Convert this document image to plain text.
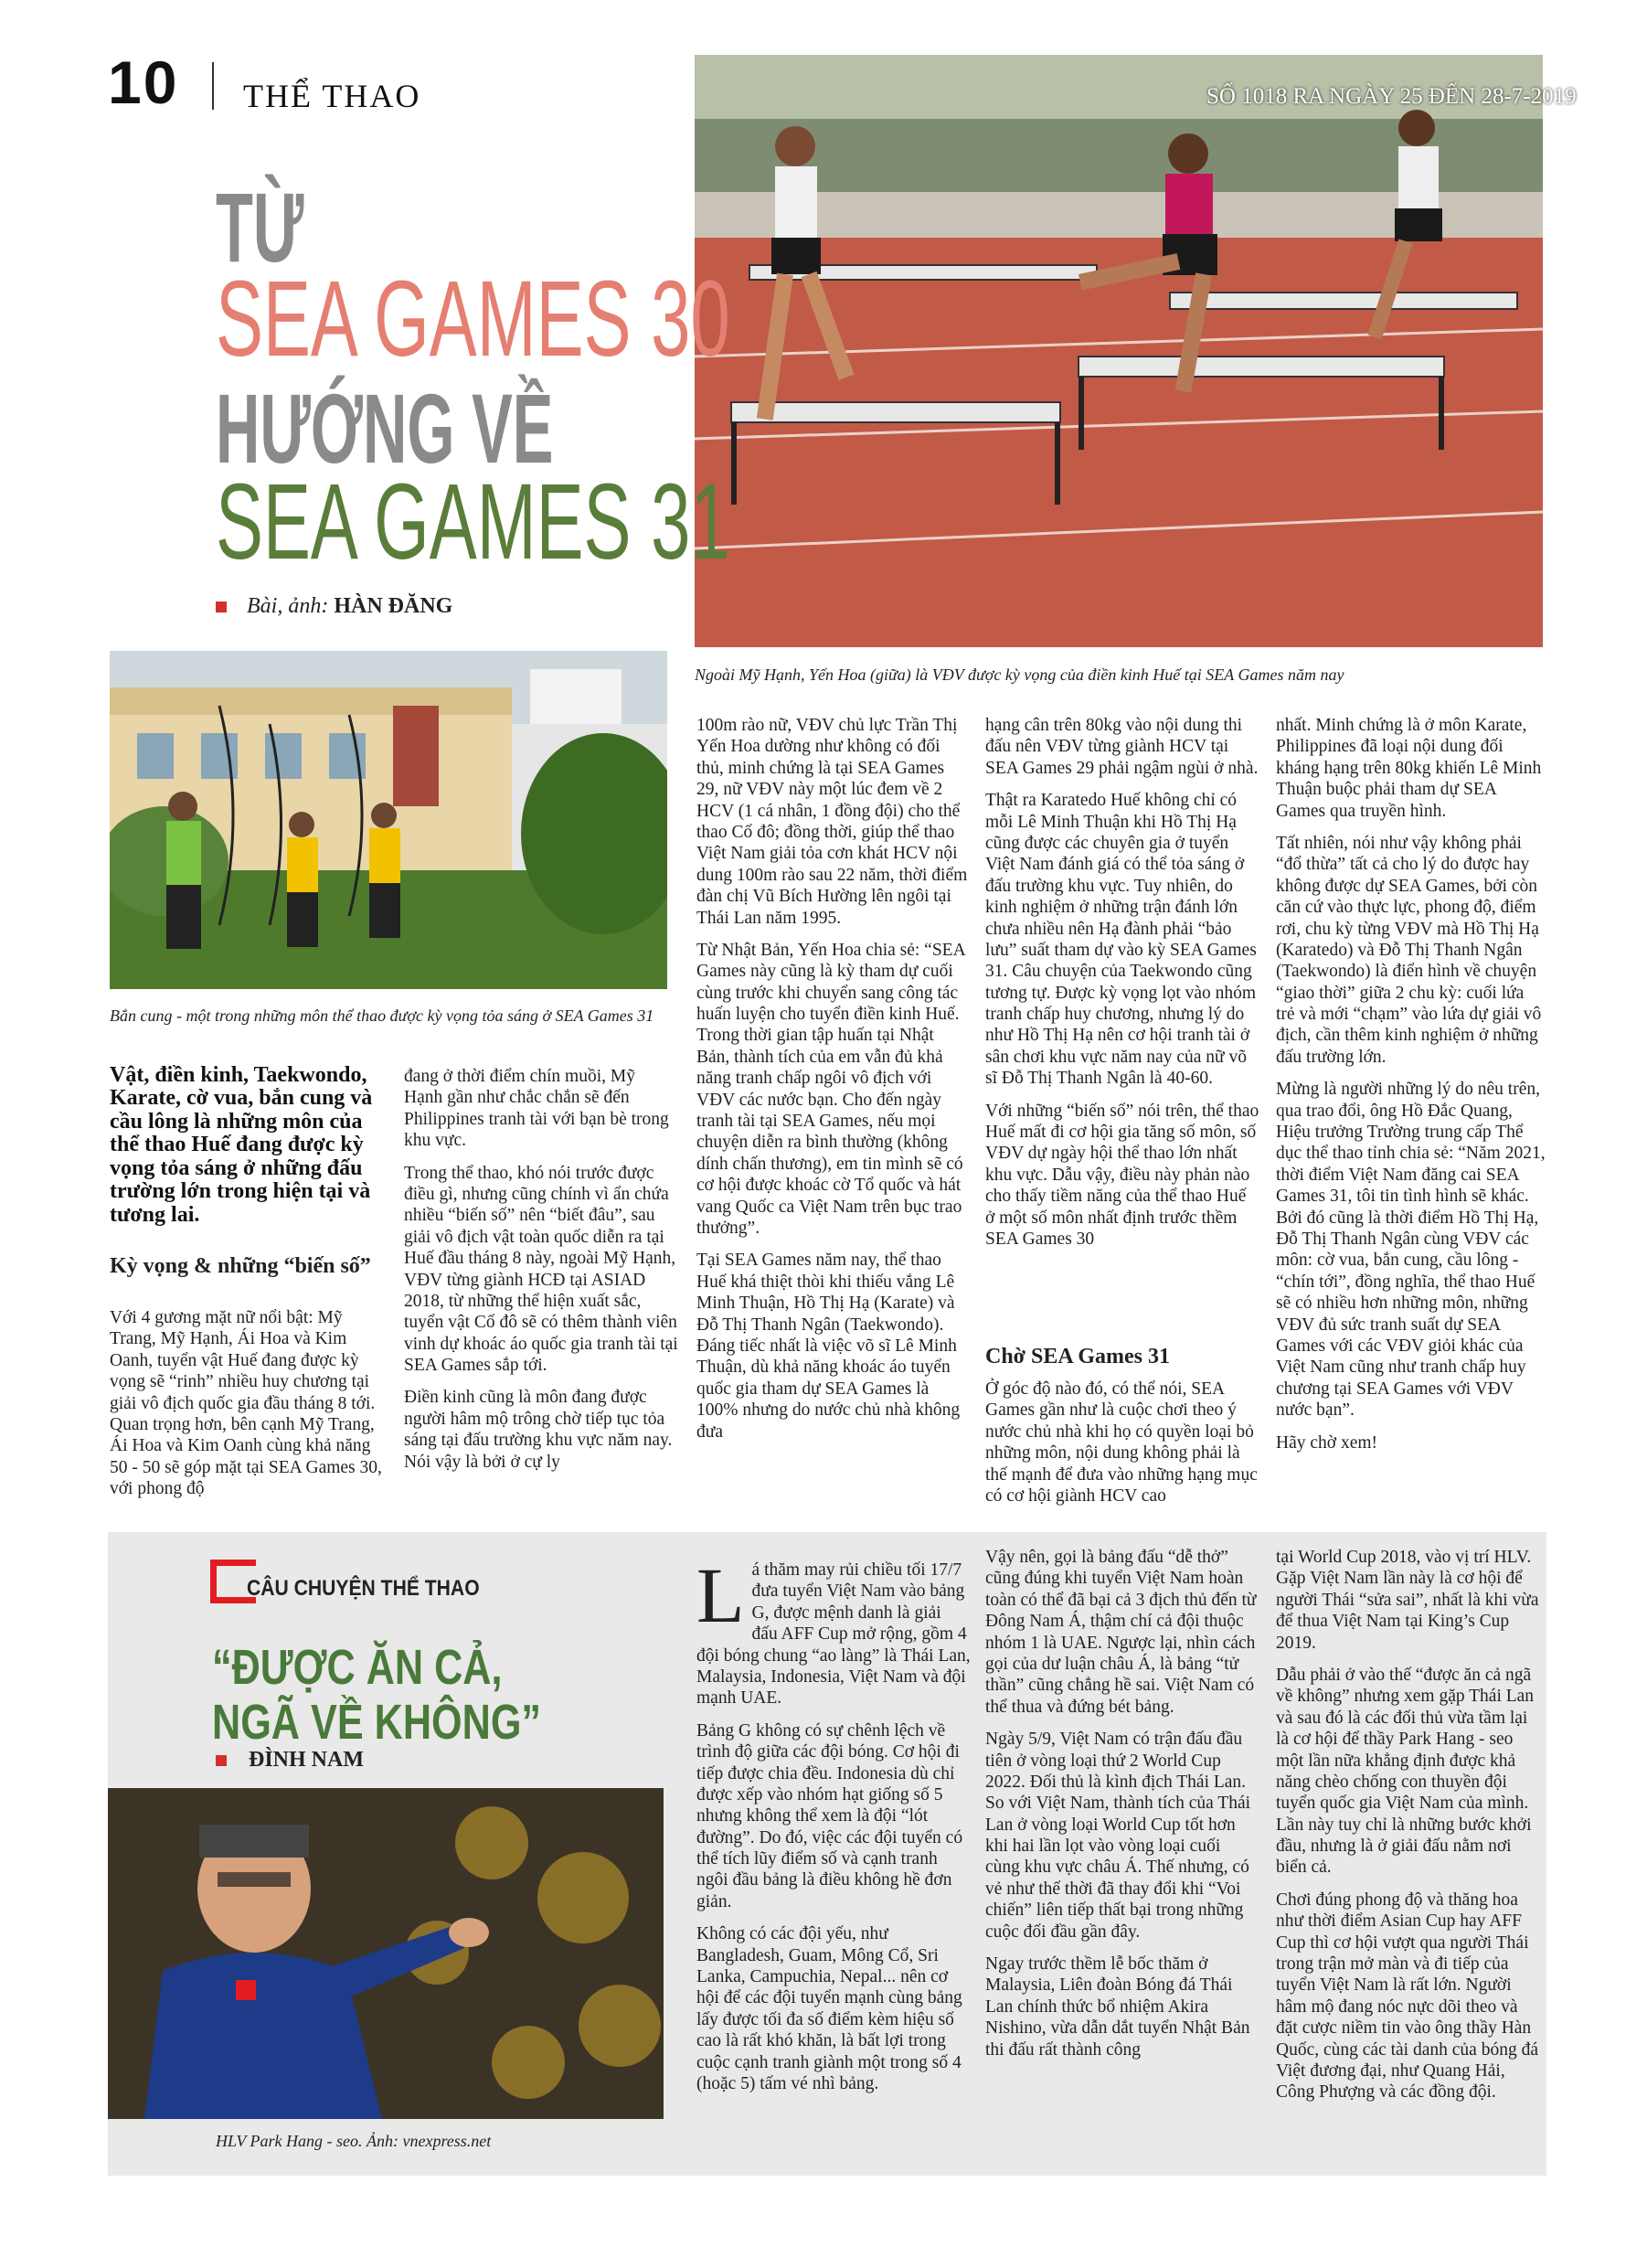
10 THỂ THAO	SỐ 1018 RA NGÀY 25 ĐẾN 28-7-2019
TỪ
SEA GAMES 30
HƯỚNG VỀ
SEA GAMES 31
Bài, ảnh: HÀN ĐĂNG
Ngoài Mỹ Hạnh, Yến Hoa (giữa) là VĐV được kỳ vọng của điền kinh Huế tại SEA Games năm nay
Bắn cung - một trong những môn thể thao được kỳ vọng tỏa sáng ở SEA Games 31
Vật, điền kinh, Taekwondo, Karate, cờ vua, bắn cung và cầu lông là những môn của thể thao Huế đang được kỳ vọng tỏa sáng ở những đấu trường lớn trong hiện tại và tương lai.
Kỳ vọng & những “biến số”

Với 4 gương mặt nữ nổi bật: Mỹ Trang, Mỹ Hạnh, Ái Hoa và Kim Oanh, tuyển vật Huế đang được kỳ vọng sẽ “rinh” nhiều huy chương tại giải vô địch quốc gia đầu tháng 8 tới. Quan trọng hơn, bên cạnh Mỹ Trang, Ái Hoa và Kim Oanh cùng khả năng 50 - 50 sẽ góp mặt tại SEA Games 30, với phong độ

đang ở thời điểm chín muồi, Mỹ Hạnh gần như chắc chắn sẽ đến Philippines tranh tài với bạn bè trong khu vực.

Trong thể thao, khó nói trước được điều gì, nhưng cũng chính vì ẩn chứa nhiều “biến số” nên “biết đâu”, sau giải vô địch vật toàn quốc diễn ra tại Huế đầu tháng 8 này, ngoài Mỹ Hạnh, VĐV từng giành HCĐ tại ASIAD 2018, từ những thể hiện xuất sắc, tuyển vật Cố đô sẽ có thêm thành viên vinh dự khoác áo quốc gia tranh tài tại SEA Games sắp tới.

Điền kinh cũng là môn đang được người hâm mộ trông chờ tiếp tục tỏa sáng tại đấu trường khu vực năm nay. Nói vậy là bởi ở cự ly

100m rào nữ, VĐV chủ lực Trần Thị Yến Hoa dường như không có đối thủ, minh chứng là tại SEA Games 29, nữ VĐV này một lúc đem về 2 HCV (1 cá nhân, 1 đồng đội) cho thể thao Cố đô; đồng thời, giúp thể thao Việt Nam giải tỏa cơn khát HCV nội dung 100m rào sau 22 năm, thời điểm đàn chị Vũ Bích Hường lên ngôi tại Thái Lan năm 1995.

Từ Nhật Bản, Yến Hoa chia sẻ: “SEA Games này cũng là kỳ tham dự cuối cùng trước khi chuyển sang công tác huấn luyện cho tuyển điền kinh Huế. Trong thời gian tập huấn tại Nhật Bản, thành tích của em vẫn đủ khả năng tranh chấp ngôi vô địch với VĐV các nước bạn. Cho đến ngày tranh tài tại SEA Games, nếu mọi chuyện diễn ra bình thường (không dính chấn thương), em tin mình sẽ có cơ hội được khoác cờ Tổ quốc và hát vang Quốc ca Việt Nam trên bục trao thưởng”.

Tại SEA Games năm nay, thể thao Huế khá thiệt thòi khi thiếu vắng Lê Minh Thuận, Hồ Thị Hạ (Karate) và Đỗ Thị Thanh Ngân (Taekwondo). Đáng tiếc nhất là việc võ sĩ Lê Minh Thuận, dù khả năng khoác áo tuyển quốc gia tham dự SEA Games là 100% nhưng do nước chủ nhà không đưa

hạng cân trên 80kg vào nội dung thi đấu nên VĐV từng giành HCV tại SEA Games 29 phải ngậm ngùi ở nhà.

Thật ra Karatedo Huế không chỉ có mỗi Lê Minh Thuận khi Hồ Thị Hạ cũng được các chuyên gia ở tuyển Việt Nam đánh giá có thể tỏa sáng ở đấu trường khu vực. Tuy nhiên, do kinh nghiệm ở những trận đánh lớn chưa nhiều nên Hạ đành phải “bảo lưu” suất tham dự vào kỳ SEA Games 31. Câu chuyện của Taekwondo cũng tương tự. Được kỳ vọng lọt vào nhóm tranh chấp huy chương, nhưng lý do như Hồ Thị Hạ nên cơ hội tranh tài ở sân chơi khu vực năm nay của nữ võ sĩ Đỗ Thị Thanh Ngân là 40-60.

Với những “biến số” nói trên, thể thao Huế mất đi cơ hội gia tăng số môn, số VĐV dự ngày hội thể thao lớn nhất khu vực. Dẫu vậy, điều này phản nào cho thấy tiềm năng của thể thao Huế ở một số môn nhất định trước thềm SEA Games 30

Chờ SEA Games 31

Ở góc độ nào đó, có thể nói, SEA Games gần như là cuộc chơi theo ý nước chủ nhà khi họ có quyền loại bỏ những môn, nội dung không phải là thế mạnh để đưa vào những hạng mục có cơ hội giành HCV cao

nhất. Minh chứng là ở môn Karate, Philippines đã loại nội dung đối kháng hạng trên 80kg khiến Lê Minh Thuận buộc phải tham dự SEA Games qua truyền hình.

Tất nhiên, nói như vậy không phải “đổ thừa” tất cả cho lý do được hay không được dự SEA Games, bởi còn căn cứ vào thực lực, phong độ, điểm rơi, chu kỳ từng VĐV mà Hồ Thị Hạ (Karatedo) và Đỗ Thị Thanh Ngân (Taekwondo) là điển hình về chuyện “giao thời” giữa 2 chu kỳ: cuối lứa trẻ và mới “chạm” vào lứa dự giải vô địch, cần thêm kinh nghiệm ở những đấu trường lớn.

Mừng là người những lý do nêu trên, qua trao đổi, ông Hồ Đắc Quang, Hiệu trưởng Trường trung cấp Thể dục thể thao tỉnh chia sẻ: “Năm 2021, thời điểm Việt Nam đăng cai SEA Games 31, tôi tin tình hình sẽ khác. Bởi đó cũng là thời điểm Hồ Thị Hạ, Đỗ Thị Thanh Ngân cùng VĐV các môn: cờ vua, bắn cung, cầu lông - “chín tới”, đồng nghĩa, thể thao Huế sẽ có nhiều hơn những môn, những VĐV đủ sức tranh suất dự SEA Games với các VĐV giỏi khác của Việt Nam cũng như tranh chấp huy chương tại SEA Games với VĐV nước bạn”.

Hãy chờ xem!

CÂU CHUYỆN THỂ THAO
“ĐƯỢC ĂN CẢ,
NGÃ VỀ KHÔNG”
ĐÌNH NAM
HLV Park Hang - seo. Ảnh: vnexpress.net

Lá thăm may rủi chiều tối 17/7 đưa tuyển Việt Nam vào bảng G, được mệnh danh là giải đấu AFF Cup mở rộng, gồm 4 đội bóng chung “ao làng” là Thái Lan, Malaysia, Indonesia, Việt Nam và đội mạnh UAE.

Bảng G không có sự chênh lệch về trình độ giữa các đội bóng. Cơ hội đi tiếp được chia đều. Indonesia dù chỉ được xếp vào nhóm hạt giống số 5 nhưng không thể xem là đội “lót đường”. Do đó, việc các đội tuyển có thể tích lũy điểm số và cạnh tranh ngôi đầu bảng là điều không hề đơn giản.

Không có các đội yếu, như Bangladesh, Guam, Mông Cổ, Sri Lanka, Campuchia, Nepal... nên cơ hội để các đội tuyển mạnh cùng bảng lấy được tối đa số điểm kèm hiệu số cao là rất khó khăn, là bất lợi trong cuộc cạnh tranh giành một trong số 4 (hoặc 5) tấm vé nhì bảng.

Vậy nên, gọi là bảng đấu “dễ thở” cũng đúng khi tuyển Việt Nam hoàn toàn có thể đã bại cả 3 địch thủ đến từ Đông Nam Á, thậm chí cả đội thuộc nhóm 1 là UAE. Ngược lại, nhìn cách gọi của dư luận châu Á, là bảng “tử thần” cũng chẳng hề sai. Việt Nam có thể thua và đứng bét bảng.

Ngày 5/9, Việt Nam có trận đấu đầu tiên ở vòng loại thứ 2 World Cup 2022. Đối thủ là kình địch Thái Lan. So với Việt Nam, thành tích của Thái Lan ở vòng loại World Cup tốt hơn khi hai lần lọt vào vòng loại cuối cùng khu vực châu Á. Thế nhưng, có vẻ như thế thời đã thay đổi khi “Voi chiến” liên tiếp thất bại trong những cuộc đối đầu gần đây.

Ngay trước thềm lễ bốc thăm ở Malaysia, Liên đoàn Bóng đá Thái Lan chính thức bổ nhiệm Akira Nishino, vừa dẫn dắt tuyển Nhật Bản thi đấu rất thành công

tại World Cup 2018, vào vị trí HLV. Gặp Việt Nam lần này là cơ hội để người Thái “sửa sai”, nhất là khi vừa để thua Việt Nam tại King’s Cup 2019.

Dẫu phải ở vào thế “được ăn cả ngã về không” nhưng xem gặp Thái Lan và sau đó là các đối thủ vừa tầm lại là cơ hội để thầy Park Hang - seo một lần nữa khẳng định được khả năng chèo chống con thuyền đội tuyển quốc gia Việt Nam của mình. Lần này tuy chỉ là những bước khởi đầu, nhưng là ở giải đấu nằm nơi biển cả.

Chơi đúng phong độ và thăng hoa như thời điểm Asian Cup hay AFF Cup thì cơ hội vượt qua người Thái trong trận mở màn và đi tiếp của tuyển Việt Nam là rất lớn. Người hâm mộ đang nóc nực dõi theo và đặt cược niềm tin vào ông thầy Hàn Quốc, cùng các tài danh của bóng đá Việt đương đại, như Quang Hải, Công Phượng và các đồng đội.
